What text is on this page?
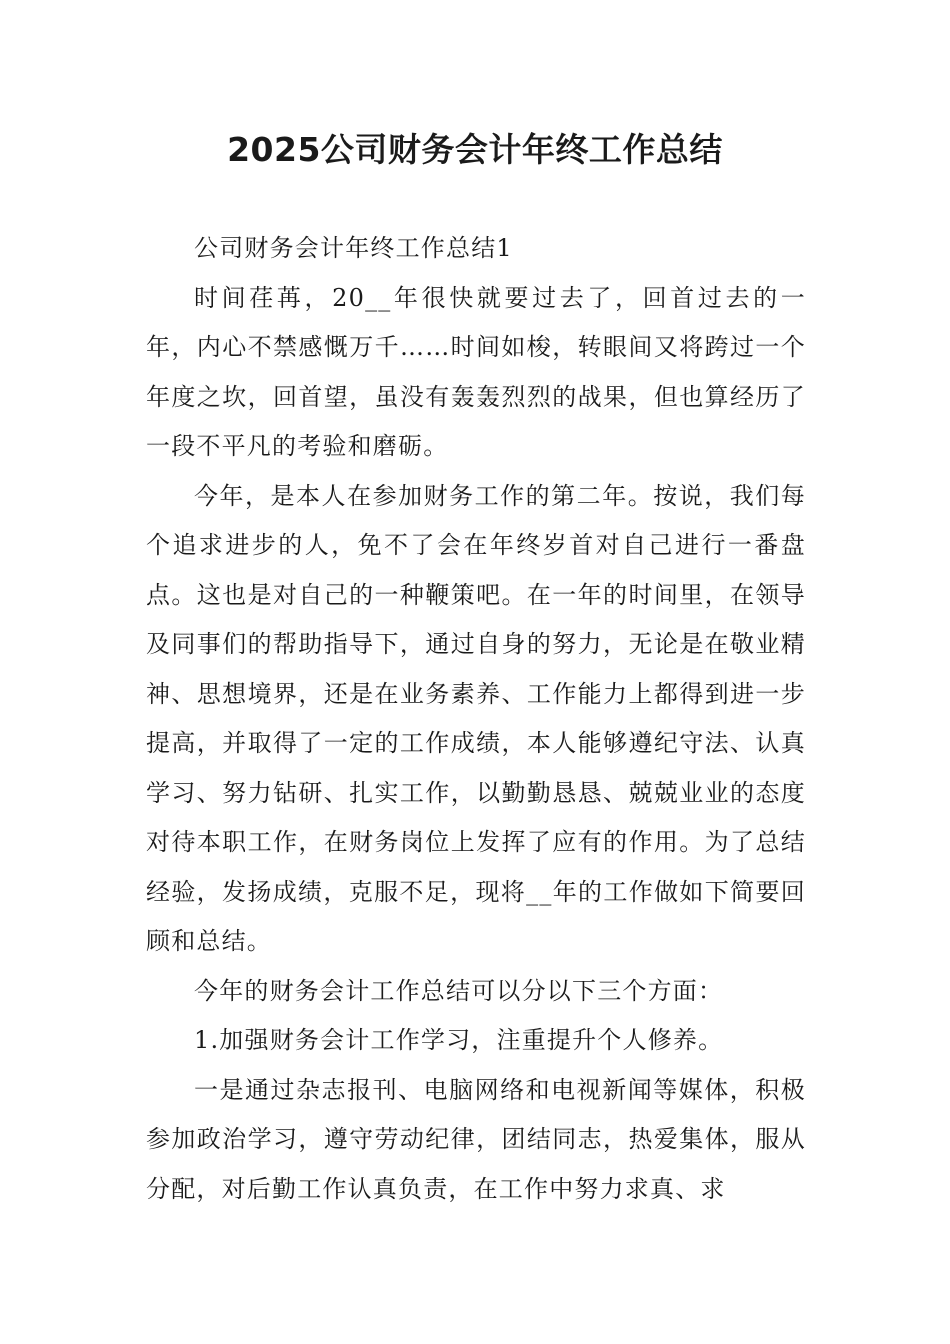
2025公司财务会计年终工作总结

公司财务会计年终工作总结1

时间荏苒，20__年很快就要过去了，回首过去的一年，内心不禁感慨万千……时间如梭，转眼间又将跨过一个年度之坎，回首望，虽没有轰轰烈烈的战果，但也算经历了一段不平凡的考验和磨砺。

今年，是本人在参加财务工作的第二年。按说，我们每个追求进步的人，免不了会在年终岁首对自己进行一番盘点。这也是对自己的一种鞭策吧。在一年的时间里，在领导及同事们的帮助指导下，通过自身的努力，无论是在敬业精神、思想境界，还是在业务素养、工作能力上都得到进一步提高，并取得了一定的工作成绩，本人能够遵纪守法、认真学习、努力钻研、扎实工作，以勤勤恳恳、兢兢业业的态度对待本职工作，在财务岗位上发挥了应有的作用。为了总结经验，发扬成绩，克服不足，现将__年的工作做如下简要回顾和总结。

今年的财务会计工作总结可以分以下三个方面：

1.加强财务会计工作学习，注重提升个人修养。

一是通过杂志报刊、电脑网络和电视新闻等媒体，积极参加政治学习，遵守劳动纪律，团结同志，热爱集体，服从分配，对后勤工作认真负责，在工作中努力求真、求
